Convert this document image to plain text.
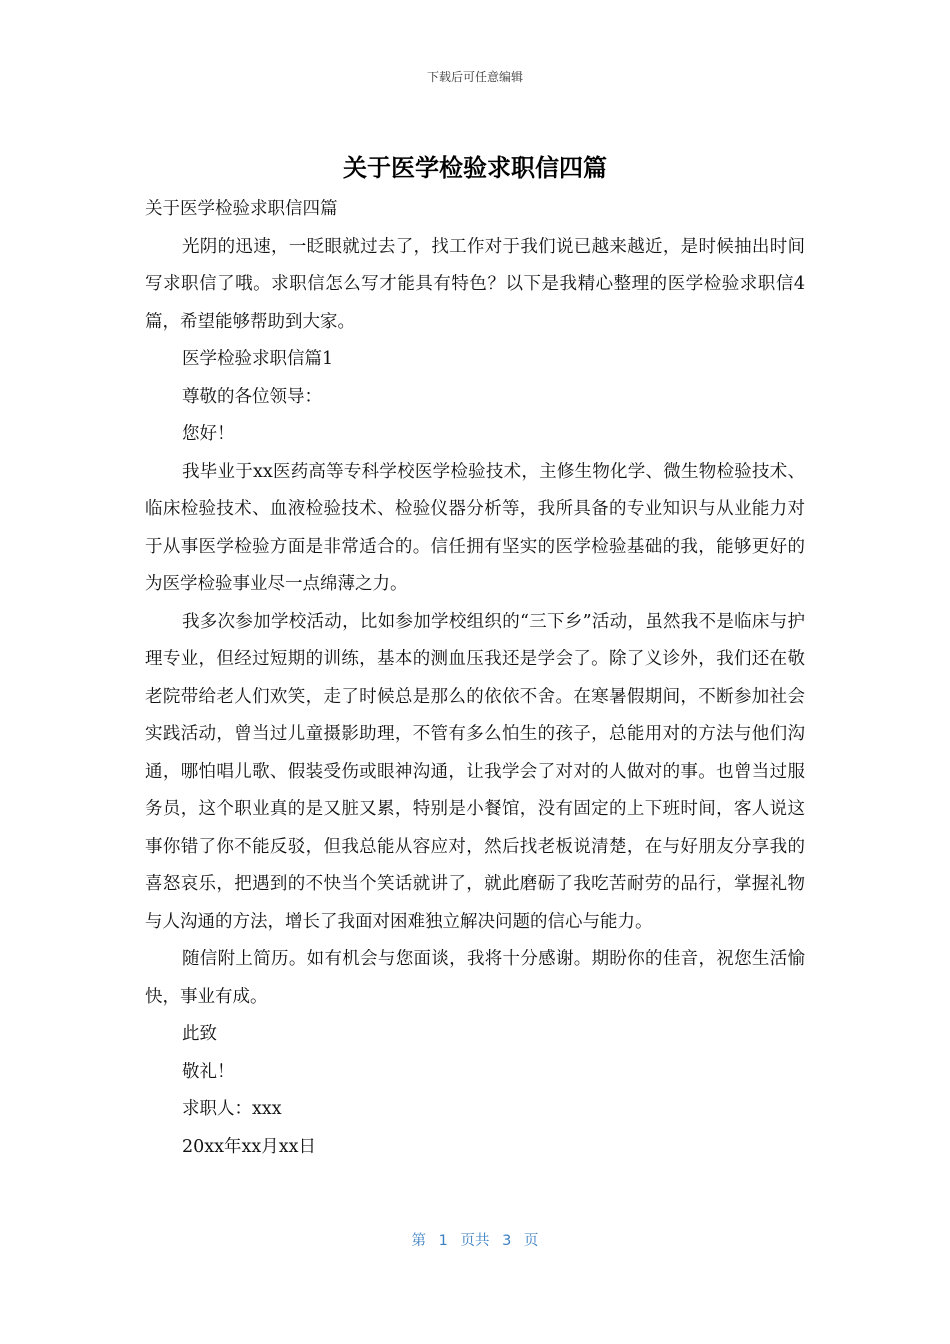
下载后可任意编辑
关于医学检验求职信四篇

关于医学检验求职信四篇

光阴的迅速，一眨眼就过去了，找工作对于我们说已越来越近，是时候抽出时间写求职信了哦。求职信怎么写才能具有特色？以下是我精心整理的医学检验求职信4篇，希望能够帮助到大家。

医学检验求职信篇1

尊敬的各位领导：

您好！

我毕业于xx医药高等专科学校医学检验技术，主修生物化学、微生物检验技术、临床检验技术、血液检验技术、检验仪器分析等，我所具备的专业知识与从业能力对于从事医学检验方面是非常适合的。信任拥有坚实的医学检验基础的我，能够更好的为医学检验事业尽一点绵薄之力。

我多次参加学校活动，比如参加学校组织的“三下乡”活动，虽然我不是临床与护理专业，但经过短期的训练，基本的测血压我还是学会了。除了义诊外，我们还在敬老院带给老人们欢笑，走了时候总是那么的依依不舍。在寒暑假期间，不断参加社会实践活动，曾当过儿童摄影助理，不管有多么怕生的孩子，总能用对的方法与他们沟通，哪怕唱儿歌、假装受伤或眼神沟通，让我学会了对对的人做对的事。也曾当过服务员，这个职业真的是又脏又累，特别是小餐馆，没有固定的上下班时间，客人说这事你错了你不能反驳，但我总能从容应对，然后找老板说清楚，在与好朋友分享我的喜怒哀乐，把遇到的不快当个笑话就讲了，就此磨砺了我吃苦耐劳的品行，掌握礼物与人沟通的方法，增长了我面对困难独立解决问题的信心与能力。

随信附上简历。如有机会与您面谈，我将十分感谢。期盼你的佳音，祝您生活愉快，事业有成。

此致

敬礼！

求职人：xxx

20xx年xx月xx日

第 1 页共 3 页
